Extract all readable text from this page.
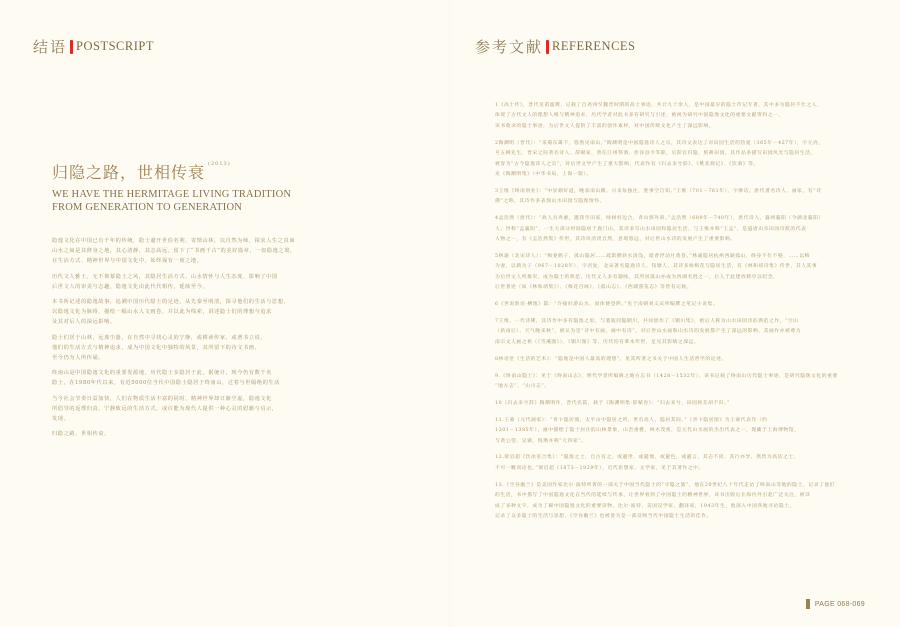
结语 POSTSCRIPT
归隐之路，世相传衰 (2013)
WE HAVE THE HERMITAGE LIVING TRADITION
FROM GENERATION TO GENERATION

隐逸文化在中国已有千年的传统，隐士避开世俗名利，寄情山林，以自然为师，探求人生之真谛
山水之间是其修身之地，其心清静，其志高远，留下了“书画千古”的美好篇章，一如隐逸之境，
在生活方式、精神世界与中国文化中，始终保有一席之地。

历代文人雅士，无不仰慕隐士之风，其隐居生活方式、山水情怀与人生态度，影响了中国
后世文人的审美与志趣，隐逸文化由此代代相传，延续至今。

本书所记述的隐逸故事，追溯中国历代隐士的足迹，从先秦至明清，探寻他们的生活与思想，
以隐逸文化为脉络，描绘一幅山水人文画卷，并以此为线索，讲述隐士们的理想与追求
及其对后人的深远影响。

隐士们居于山林，远离尘嚣，在自然中寻找心灵的宁静，或耕读传家，或著书立说，
他们的生活方式与精神追求，成为中国文化中独特的风景，其所留下的诗文书画，
至今仍为人所传诵。

终南山是中国隐逸文化的重要发源地，历代隐士多隐居于此，据统计，现今仍有数千名
隐士，在1980年代以来，有近5000位当代中国隐士隐居于终南山，过着与世隔绝的生活

当今社会节奏日益加快，人们在物质生活丰富的同时，精神世界却日渐空虚，隐逸文化
所倡导的返璞归真、宁静致远的生活方式，或许能为现代人提供一种心灵的慰藉与启示，
发现。

归隐之路，世相传衰。

参考文献 REFERENCES
1《高士传》，晋代皇甫谧撰，记载了自尧舜至魏晋时期的高士事迹，共计九十余人，是中国最早的隐士传记专著，其中多为隐居不仕之人，
体现了古代文人的理想人格与精神追求，历代学者对此书多有研究与引述，被视为研究中国隐逸文化的重要文献资料之一，
该书收录的隐士事迹，为后世文人提供了丰富的创作素材，对中国传统文化产生了深远影响。
2陶渊明（晋代）：“采菊东篱下，悠然见南山。”陶渊明是中国隐逸诗人之宗，其诗文表达了对田园生活的热爱（365年－427年），字元亮，
号五柳先生，晋宋之际著名诗人、辞赋家，曾任江州祭酒、彭泽县令等职，后辞官归隐，躬耕田园，其作品多描写田园风光与隐居生活，
被誉为“古今隐逸诗人之宗”，对后世文学产生了重大影响，代表作有《归去来兮辞》、《桃花源记》、《饮酒》等。
见《陶渊明集》（中华书局，上海一版）。
3王维《终南别业》：“中岁颇好道，晚家南山陲。兴来每独往，胜事空自知。”王维（701－761年），字摩诘，唐代著名诗人、画家，有“诗
佛”之称，其诗作多表现山水田园与隐逸情怀。
4孟浩然（唐代）：“故人具鸡黍，邀我至田家，绿树村边合，青山郭外斜。”孟浩然（689年－740年），唐代诗人，襄州襄阳（今湖北襄阳）
人，世称“孟襄阳”，一生大部分时间隐居于鹿门山，其诗多写山水田园和隐居生活，与王维并称“王孟”，是盛唐山水田园诗派的代表
人物之一，有《孟浩然集》传世，其诗风清淡自然，意境悠远，对后世山水诗的发展产生了重要影响。
5林逋（北宋诗人）：“梅妻鹤子，孤山隐居……疏影横斜水清浅，暗香浮动月黄昏。”林逋隐居杭州西湖孤山，终身不仕不娶，……以梅
为妻，以鹤为子（967－1028年），字君复，北宋著名隐逸诗人，钱塘人，其诗多咏梅花与隐居生活，有《林和靖诗集》传世，其人其事
为后世文人所推崇，成为隐士的典范，历代文人多有题咏，其所居孤山亦成为西湖名胜之一，后人于此建放鹤亭以纪念，
后世著述（如《林和靖集》）、《梅花百咏》、《孤山志》、《西湖游览志》等皆有记载。
6《世说新语·栖逸》篇：“许掾好游山水，而体便登陟。”见于南朝刘义庆所编撰之笔记小说集。
7王维，一代诗佛，其诗作中多有隐逸之思，与裴迪同隐辋川，共同创作了《辋川集》，被后人称为山水田园诗的典范之作，“空山
（新雨后），天气晚来秋”，被认为是“诗中有画，画中有诗”，对后世山水画和山水诗的发展都产生了深远的影响，其画作亦被尊为
南宗文人画之祖（《雪溪图》）、《辋川图》等，历代均有摹本传世，足见其影响之深远。
8林语堂《生活的艺术》：“隐逸是中国人最高的理想”，见其所著之书关于中国人生活哲学的论述。
9.《终南山隐士》：见于《终南山志》，明代学者所编修之地方志书（1428－1532年），该书记载了终南山历代隐士事迹，是研究隐逸文化的重要
“地方志”、“山川志”。
10《归去来兮辞》陶渊明作，晋代名篇，载于《陶渊明集·辞赋卷》：“归去来兮，田园将芜胡不归。”
11.王蒙（元代画家）：“青卞隐居图，太平山中隐居之所，世有高人，隐居其间。”《青卞隐居图》为王蒙代表作（约
1301－1385年），画中描绘了隐士居住的山林景象，山峦重叠，林木茂密，是元代山水画的杰出代表之一，现藏于上海博物馆，
与黄公望、吴镇、倪瓒并称“元四家”。
12.梁启超《饮冰室合集》：“隐逸之士，自古有之，或避世，或避地，或避色，或避言，其志不同，其行亦异，然皆为高洁之士，
不可一概而论也。”梁启超（1873－1929年），近代思想家，文学家，见于其著作之中。
13.《空谷幽兰》是美国作家比尔·波特所著的一部关于中国当代隐士的“寻隐之旅”，他在20世纪八十年代走访了终南山等地的隐士，记录了他们
的生活，书中描写了中国隐逸文化在当代的延续与传承，让世界看到了中国隐士的精神世界，该书出版后在海内外引起广泛关注，被译
成了多种文字，成为了解中国隐逸文化的重要读物，比尔·波特，美国汉学家，翻译家，1943年生，他深入中国各地寻访隐士，
记录了众多隐士的生活与思想，《空谷幽兰》也被誉为是一部反映当代中国隐士生活的佳作。
PAGE 068-069
